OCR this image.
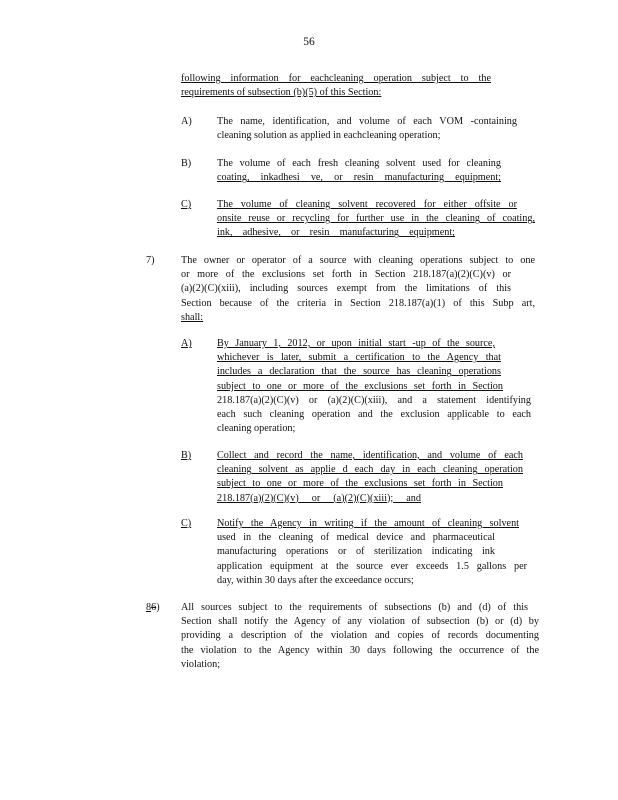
56
following information for eachcleaning operation subject to the
requirements of subsection (b)(5) of this Section:
A) The name, identification, and volume of each VOM -containing
cleaning solution as applied in eachcleaning operation;
B)	The volume of each fresh cleaning solvent used for cleaning
coating, inkadhesi ve, or resin manufacturing equipment;
C)	The volume of cleaning solvent recovered for either offsite or
onsite reuse or recycling for further use in the cleaning of coating,
ink, adhesive, or resin manufacturing equipment;
7)	The owner or operator of a source with cleaning operations subject to one
or more of the exclusions set forth in Section 218.187(a)(2)(C)(v) or
(a)(2)(C)(xiii), including sources exempt from the limitations of this
Section because of the criteria in Section 218.187(a)(1) of this Subp art,
shall:
A) By January 1, 2012, or upon initial start -up of the source,
whichever is later, submit a certification to the Agency that
includes a declaration that the source has cleaning operations
subject to one or more of the exclusions set forth in Section
218.187(a)(2)(C)(v) or (a)(2)(C)(xiii), and a statement identifying
each such cleaning operation and the exclusion applicable to each
cleaning operation;
B)	Collect and record the name, identification, and volume of each
cleaning solvent as applie d each day in each cleaning operation
subject to one or more of the exclusions set forth in Section
218.187(a)(2)(C)(v) or (a)(2)(C)(xiii); and
C)	Notify the Agency in writing if the amount of cleaning solvent
used in the cleaning of medical device and pharmaceutical
manufacturing operations or of sterilization indicating ink
application equipment at the source ever exceeds 1.5 gallons per
day, within 30 days after the exceedance occurs;
86) All sources subject to the requirements of subsections (b) and (d) of this
Section shall notify the Agency of any violation of subsection (b) or (d) by
providing a description of the violation and copies of records documenting
the violation to the Agency within 30 days following the occurrence of the
violation;
